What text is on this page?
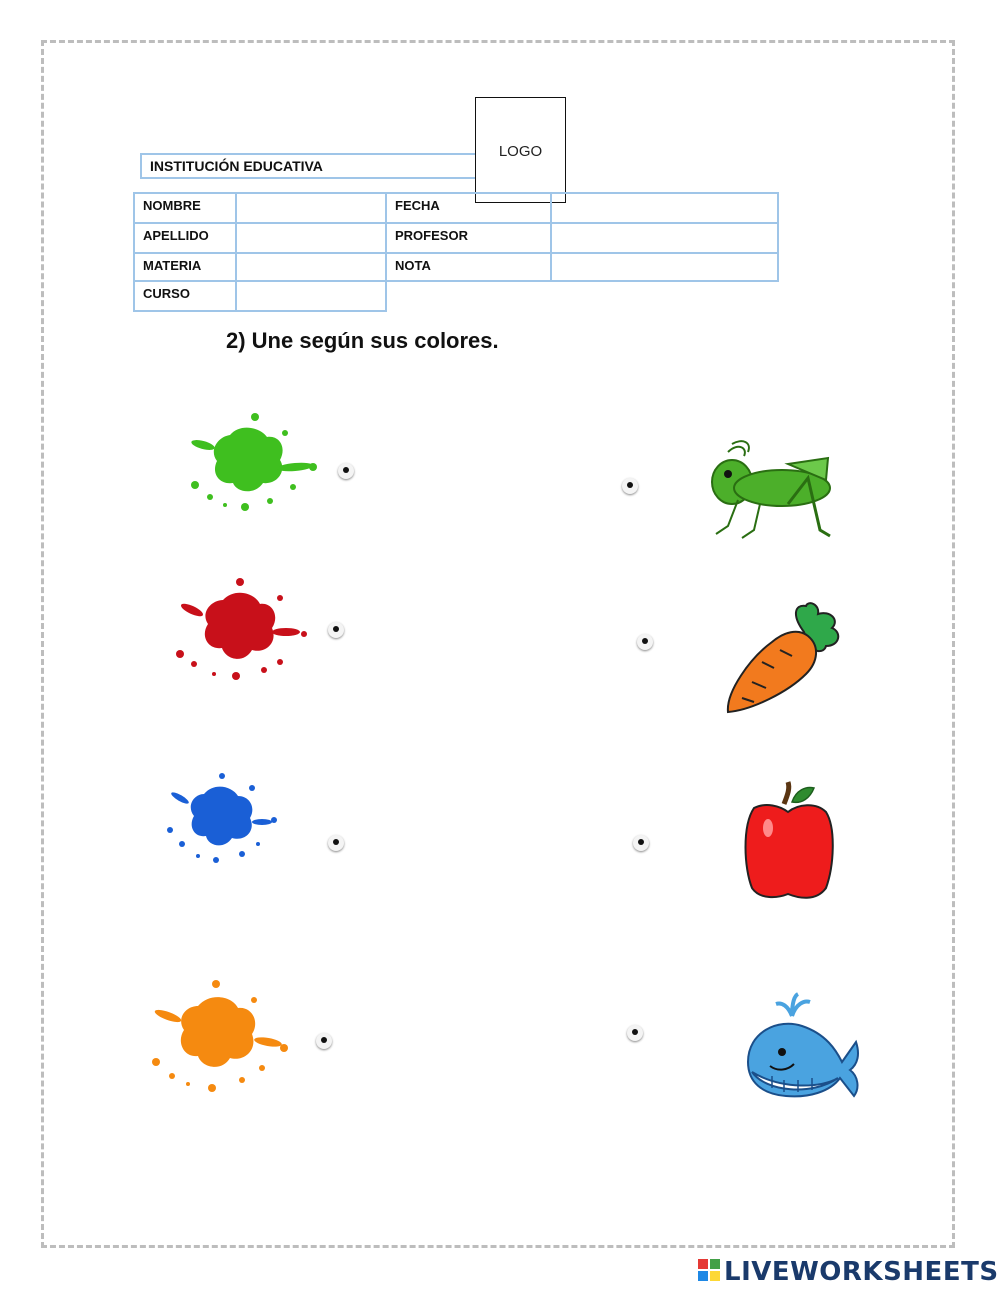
INSTITUCIÓN EDUCATIVA
LOGO
NOMBRE	FECHA
APELLIDO	PROFESOR
MATERIA	NOTA
CURSO
2) Une según sus colores.
LIVEWORKSHEETS
